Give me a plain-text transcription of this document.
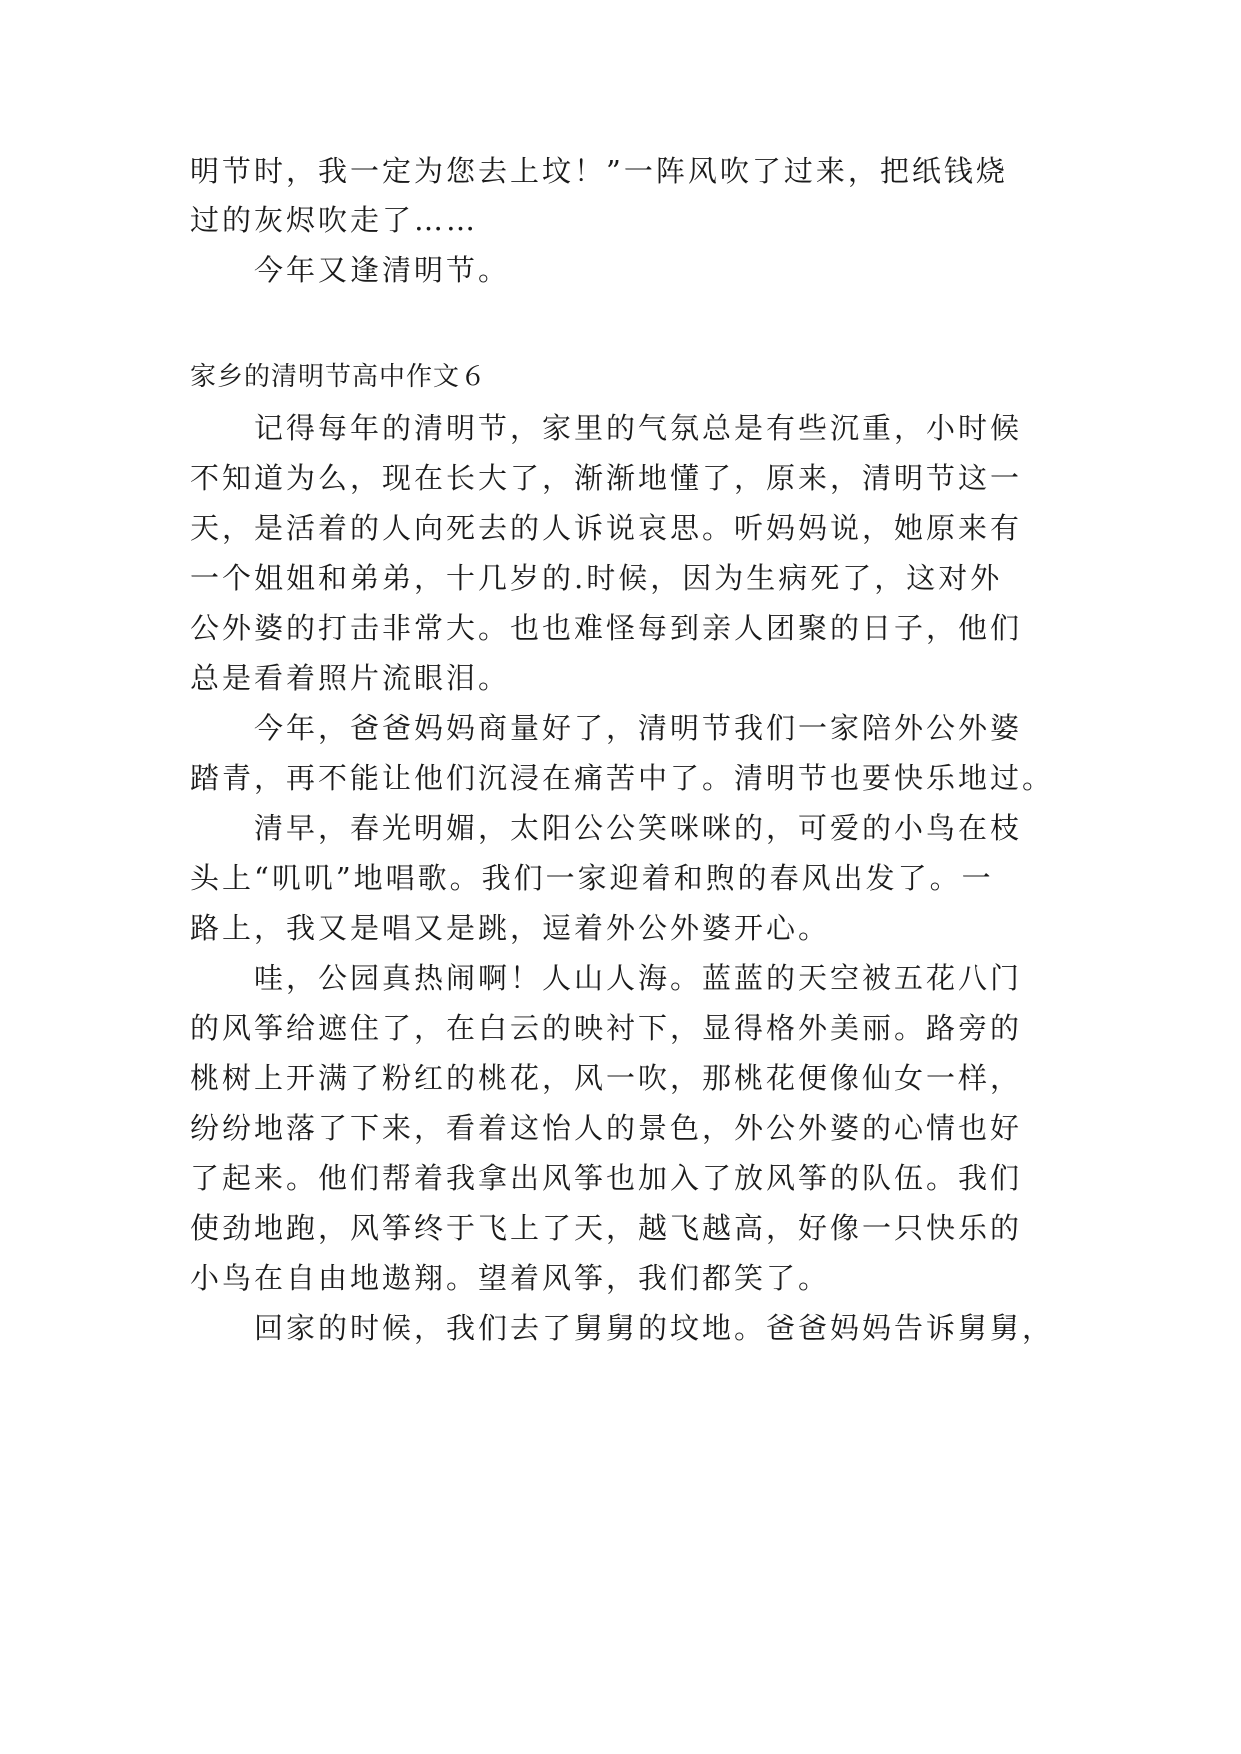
明节时，我一定为您去上坟！”一阵风吹了过来，把纸钱烧
过的灰烬吹走了……
　　今年又逢清明节。
家乡的清明节高中作文６
　　记得每年的清明节，家里的气氛总是有些沉重，小时候
不知道为么，现在长大了，渐渐地懂了，原来，清明节这一
天，是活着的人向死去的人诉说哀思。听妈妈说，她原来有
一个姐姐和弟弟，十几岁的.时候，因为生病死了，这对外
公外婆的打击非常大。也也难怪每到亲人团聚的日子，他们
总是看着照片流眼泪。
　　今年，爸爸妈妈商量好了，清明节我们一家陪外公外婆
踏青，再不能让他们沉浸在痛苦中了。清明节也要快乐地过。
　　清早，春光明媚，太阳公公笑咪咪的，可爱的小鸟在枝
头上“叽叽”地唱歌。我们一家迎着和煦的春风出发了。一
路上，我又是唱又是跳，逗着外公外婆开心。
　　哇，公园真热闹啊！人山人海。蓝蓝的天空被五花八门
的风筝给遮住了，在白云的映衬下，显得格外美丽。路旁的
桃树上开满了粉红的桃花，风一吹，那桃花便像仙女一样，
纷纷地落了下来，看着这怡人的景色，外公外婆的心情也好
了起来。他们帮着我拿出风筝也加入了放风筝的队伍。我们
使劲地跑，风筝终于飞上了天，越飞越高，好像一只快乐的
小鸟在自由地遨翔。望着风筝，我们都笑了。
　　回家的时候，我们去了舅舅的坟地。爸爸妈妈告诉舅舅，
